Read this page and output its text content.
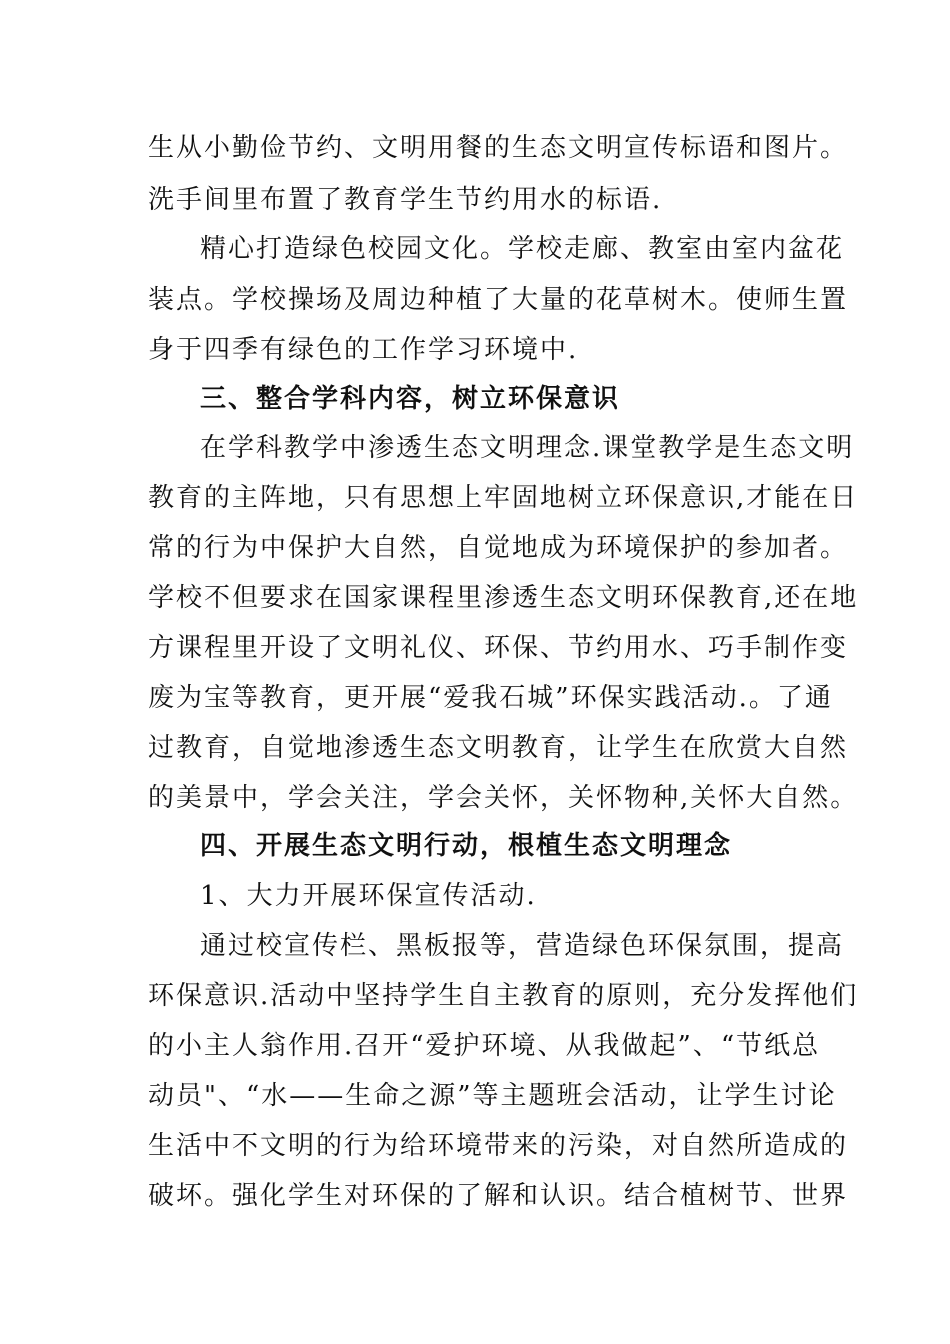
生从小勤俭节约、文明用餐的生态文明宣传标语和图片。
洗手间里布置了教育学生节约用水的标语.
精心打造绿色校园文化。学校走廊、教室由室内盆花
装点。学校操场及周边种植了大量的花草树木。使师生置
身于四季有绿色的工作学习环境中.
三、整合学科内容，树立环保意识
在学科教学中渗透生态文明理念.课堂教学是生态文明
教育的主阵地，只有思想上牢固地树立环保意识,才能在日
常的行为中保护大自然，自觉地成为环境保护的参加者。
学校不但要求在国家课程里渗透生态文明环保教育,还在地
方课程里开设了文明礼仪、环保、节约用水、巧手制作变
废为宝等教育，更开展“爱我石城”环保实践活动.。了通
过教育，自觉地渗透生态文明教育，让学生在欣赏大自然
的美景中，学会关注，学会关怀，关怀物种,关怀大自然。
四、开展生态文明行动，根植生态文明理念
1、大力开展环保宣传活动.
通过校宣传栏、黑板报等，营造绿色环保氛围，提高
环保意识.活动中坚持学生自主教育的原则，充分发挥他们
的小主人翁作用.召开“爱护环境、从我做起”、“节纸总
动员"、“水——生命之源”等主题班会活动，让学生讨论
生活中不文明的行为给环境带来的污染，对自然所造成的
破坏。强化学生对环保的了解和认识。结合植树节、世界
